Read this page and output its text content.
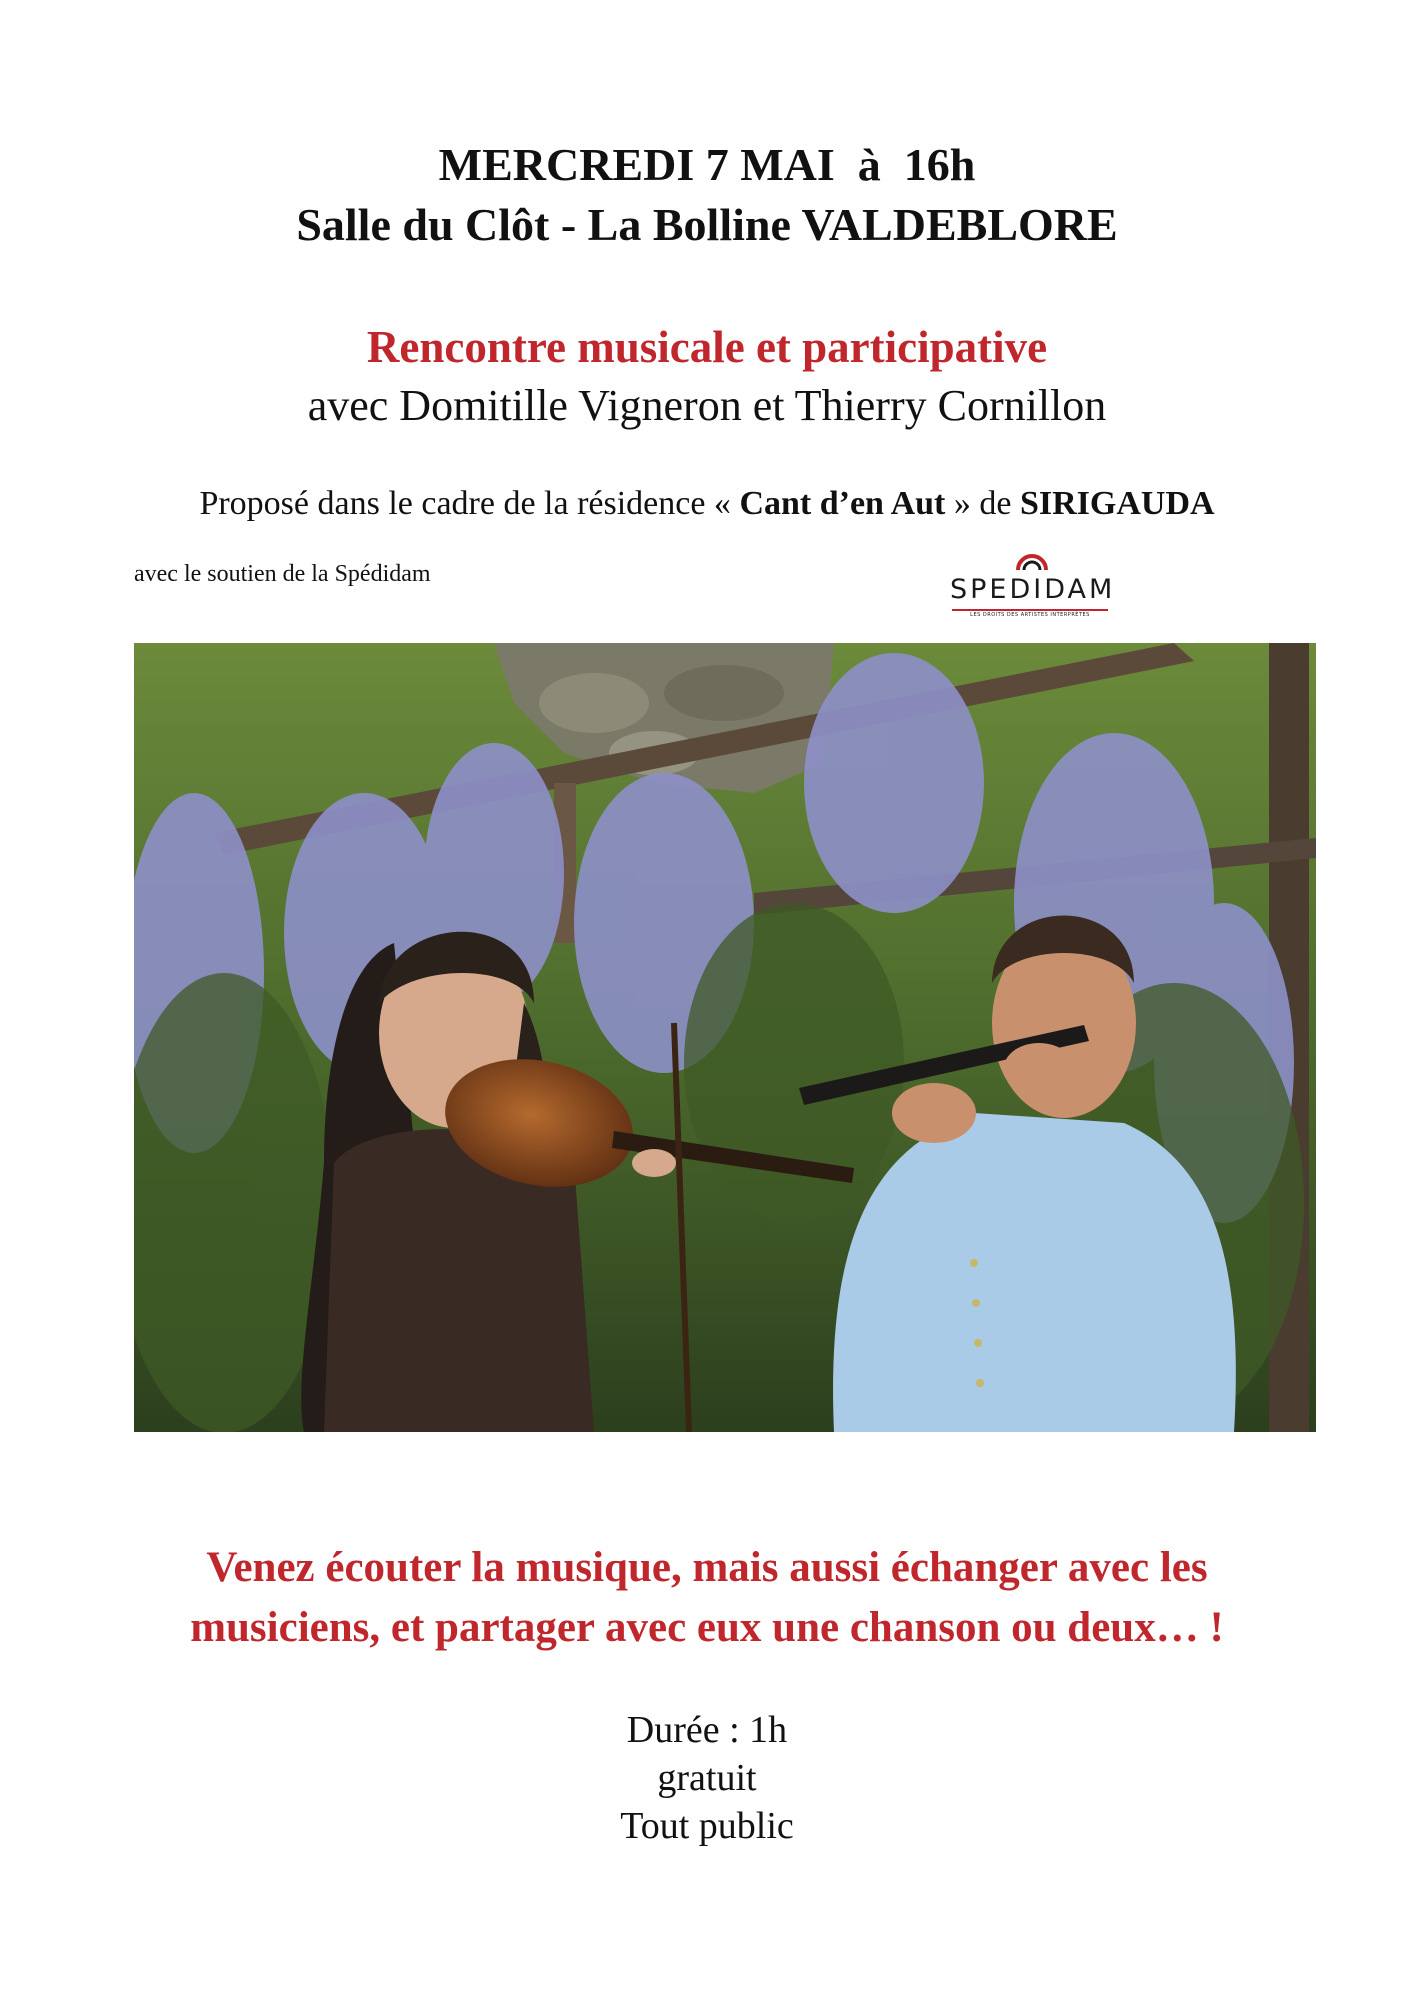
MERCREDI 7 MAI  à  16h
Salle du Clôt - La Bolline VALDEBLORE
Rencontre musicale et participative
avec Domitille Vigneron et Thierry Cornillon
Proposé dans le cadre de la résidence « Cant d’en Aut » de SIRIGAUDA
avec le soutien de la Spédidam	SPEDIDAM
LES DROITS DES ARTISTES INTERPRÈTES
Venez écouter la musique, mais aussi échanger avec les
musiciens, et partager avec eux une chanson ou deux… !
Durée : 1h
gratuit
Tout public
